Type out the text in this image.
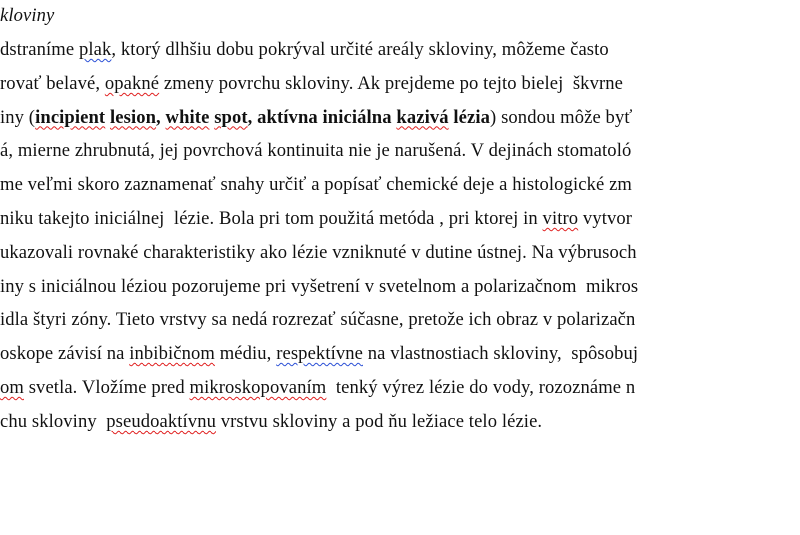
kloviny
dstraníme plak, ktorý dlhšiu dobu pokrýval určité areály skloviny, môžeme často
rovať belavé, opakné zmeny povrchu skloviny. Ak prejdeme po tejto bielej  škvrne
iny (incipient lesion, white spot, aktívna iniciálna kazivá lézia) sondou môže byť
á, mierne zhrubnutá, jej povrchová kontinuita nie je narušená. V dejinách stomatoló
me veľmi skoro zaznamenať snahy určiť a popísať chemické deje a histologické zm
niku takejto iniciálnej  lézie. Bola pri tom použitá metóda , pri ktorej in vitro vytvor
ukazovali rovnaké charakteristiky ako lézie vzniknuté v dutine ústnej. Na výbrusoch
iny s iniciálnou léziou pozorujeme pri vyšetrení v svetelnom a polarizačnom  mikros
idla štyri zóny. Tieto vrstvy sa nedá rozrezať súčasne, pretože ich obraz v polarizačn
oskope závisí na inbibičnom médiu, respektívne na vlastnostiach skloviny,  spôsobuj
om svetla. Vložíme pred mikroskopovaním  tenký výrez lézie do vody, rozoznáme n
chu skloviny  pseudoaktívnu vrstvu skloviny a pod ňu ležiace telo lézie.
